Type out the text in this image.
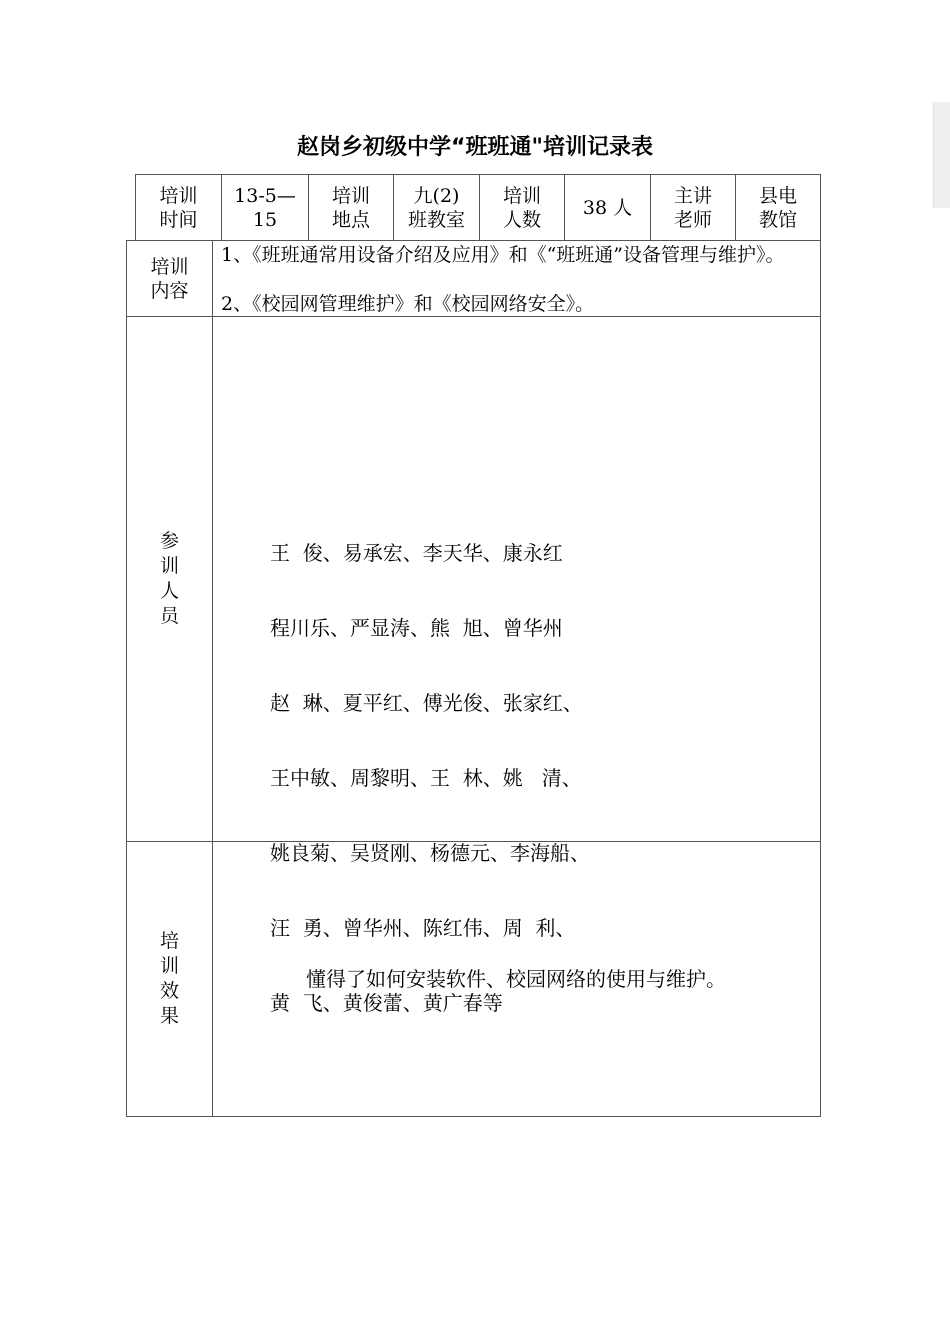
赵岗乡初级中学“班班通"培训记录表
培训
时间
13-5—
15
培训
地点
九(2)
班教室
培训
人数
38 人
主讲
老师
县电
教馆
培训
内容
1、《班班通常用设备介绍及应用》和《“班班通”设备管理与维护》。
2、《校园网管理维护》和《校园网络安全》。
参
训
人
员

王  俊、易承宏、李天华、康永红

程川乐、严显涛、熊  旭、曾华州

赵  琳、夏平红、傅光俊、张家红、

王中敏、周黎明、王  林、姚   清、

姚良菊、吴贤刚、杨德元、李海船、

汪  勇、曾华州、陈红伟、周  利、

黄  飞、黄俊蕾、黄广春等

培
训
效
果
懂得了如何安装软件、校园网络的使用与维护。
